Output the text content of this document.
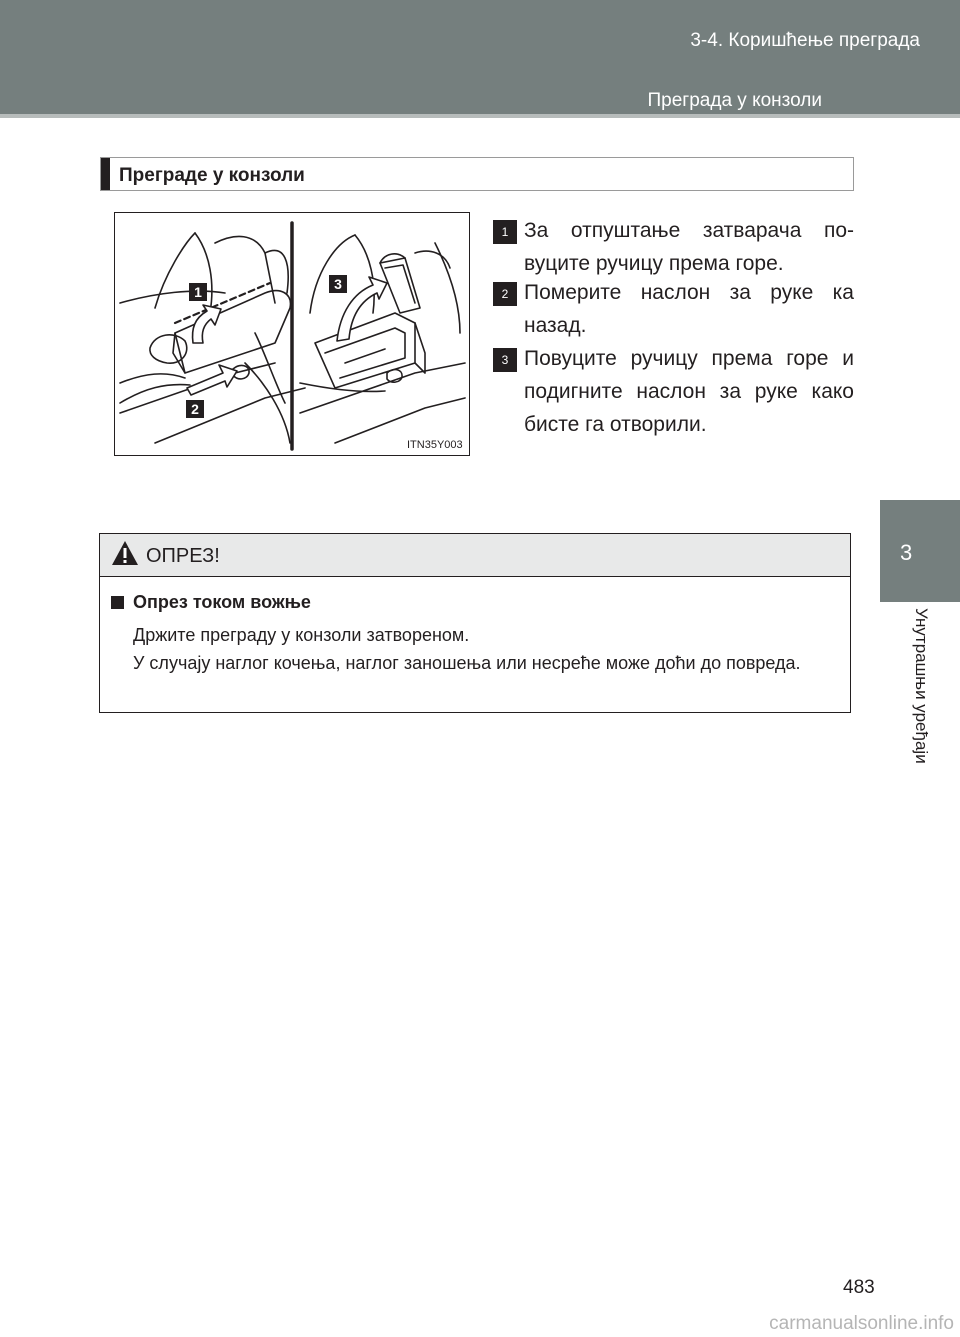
3-4. Коришћење преграда
Преграда у конзоли
3
Унутрашњи уређаји
Преграде у конзоли
1
2
3
ITN35Y003
1 За отпуштање затварача по-вуците ручицу према горе.
2 Померите наслон за руке ка назад.
3 Повуците ручицу према горе и подигните наслон за руке како бисте га отворили.
ОПРЕЗ!
Опрез током вожње
Држите преграду у конзоли затвореном.
У случају наглог кочења, наглог заношења или несреће може доћи до повреда.
483
carmanualsonline.info
